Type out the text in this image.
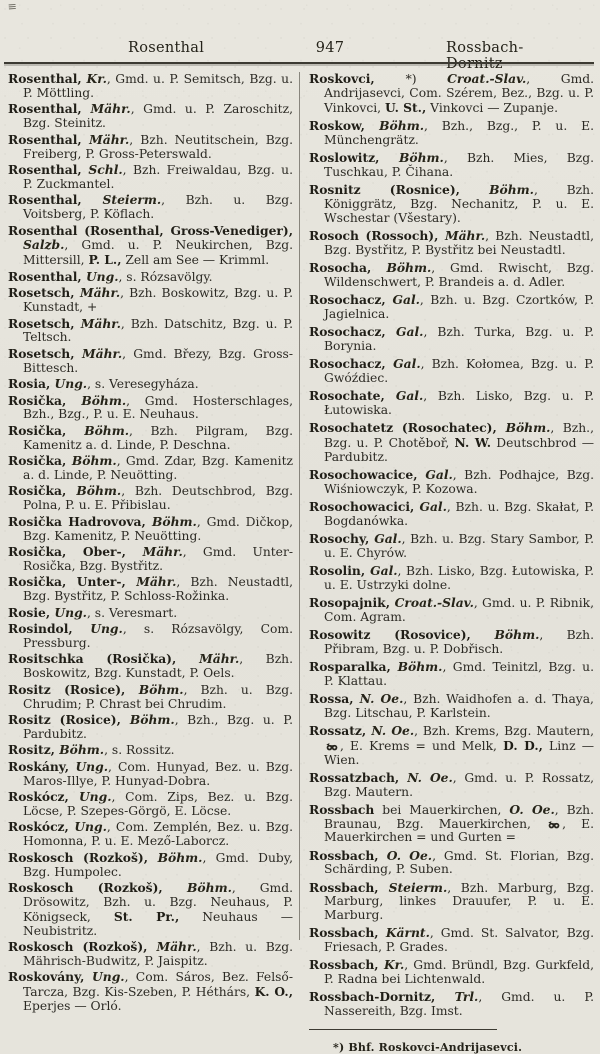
≡
Rosenthal	947	Rossbach-Dornitz

Rosenthal, Kr., Gmd. u. P. Semitsch, Bzg. u. P. Möttling.

Rosenthal, Mähr., Gmd. u. P. Zaroschitz, Bzg. Steinitz.

Rosenthal, Mähr., Bzh. Neutitschein, Bzg. Freiberg, P. Gross-Peterswald.

Rosenthal, Schl., Bzh. Freiwaldau, Bzg. u. P. Zuckmantel.

Rosenthal, Steierm., Bzh. u. Bzg. Voitsberg, P. Köflach.

Rosenthal (Rosenthal, Gross-Venediger), Salzb., Gmd. u. P. Neukirchen, Bzg. Mittersill, P. L., Zell am See — Krimml.

Rosenthal, Ung., s. Rózsavölgy.

Rosetsch, Mähr., Bzh. Boskowitz, Bzg. u. P. Kunstadt, +

Rosetsch, Mähr., Bzh. Datschitz, Bzg. u. P. Teltsch.

Rosetsch, Mähr., Gmd. Březy, Bzg. Gross-Bittesch.

Rosia, Ung., s. Veresegyháza.

Rosička, Böhm., Gmd. Hosterschlages, Bzh., Bzg., P. u. E. Neuhaus.

Rosička, Böhm., Bzh. Pilgram, Bzg. Kamenitz a. d. Linde, P. Deschna.

Rosička, Böhm., Gmd. Zdar, Bzg. Kamenitz a. d. Linde, P. Neuötting.

Rosička, Böhm., Bzh. Deutschbrod, Bzg. Polna, P. u. E. Přibislau.

Rosička Hadrovova, Böhm., Gmd. Dičkop, Bzg. Kamenitz, P. Neuötting.

Rosička, Ober-, Mähr., Gmd. Unter-Rosička, Bzg. Bystřitz.

Rosička, Unter-, Mähr., Bzh. Neustadtl, Bzg. Bystřitz, P. Schloss-Rožinka.

Rosie, Ung., s. Veresmart.

Rosindol, Ung., s. Rózsavölgy, Com. Pressburg.

Rositschka (Rosička), Mähr., Bzh. Boskowitz, Bzg. Kunstadt, P. Oels.

Rositz (Rosice), Böhm., Bzh. u. Bzg. Chrudim; P. Chrast bei Chrudim.

Rositz (Rosice), Böhm., Bzh., Bzg. u. P. Pardubitz.

Rositz, Böhm., s. Rossitz.

Roskány, Ung., Com. Hunyad, Bez. u. Bzg. Maros-Illye, P. Hunyad-Dobra.

Roskócz, Ung., Com. Zips, Bez. u. Bzg. Löcse, P. Szepes-Görgö, E. Löcse.

Roskócz, Ung., Com. Zemplén, Bez. u. Bzg. Homonna, P. u. E. Mező-Laborcz.

Roskosch (Rozkoš), Böhm., Gmd. Duby, Bzg. Humpolec.

Roskosch (Rozkoš), Böhm., Gmd. Drösowitz, Bzh. u. Bzg. Neuhaus, P. Königseck, St. Pr., Neuhaus — Neubistritz.

Roskosch (Rozkoš), Mähr., Bzh. u. Bzg. Mährisch-Budwitz, P. Jaispitz.

Roskovány, Ung., Com. Sáros, Bez. Felső-Tarcza, Bzg. Kis-Szeben, P. Héthárs, K. O., Eperjes — Orló.

Roskovci, *) Croat.-Slav., Gmd. Andrijasevci, Com. Szérem, Bez., Bzg. u. P. Vinkovci, U. St., Vinkovci — Zupanje.

Roskow, Böhm., Bzh., Bzg., P. u. E. Münchengrätz.

Roslowitz, Böhm., Bzh. Mies, Bzg. Tuschkau, P. Čihana.

Rosnitz (Rosnice), Böhm., Bzh. Königgrätz, Bzg. Nechanitz, P. u. E. Wschestar (Všestary).

Rosoch (Rossoch), Mähr., Bzh. Neustadtl, Bzg. Bystřitz, P. Bystřitz bei Neustadtl.

Rosocha, Böhm., Gmd. Rwischt, Bzg. Wildenschwert, P. Brandeis a. d. Adler.

Rosochacz, Gal., Bzh. u. Bzg. Czortków, P. Jagielnica.

Rosochacz, Gal., Bzh. Turka, Bzg. u. P. Borynia.

Rosochacz, Gal., Bzh. Kołomea, Bzg. u. P. Gwóźdiec.

Rosochate, Gal., Bzh. Lisko, Bzg. u. P. Łutowiska.

Rosochatetz (Rosochatec), Böhm., Bzh., Bzg. u. P. Chotěboř, N. W. Deutschbrod — Pardubitz.

Rosochowacice, Gal., Bzh. Podhajce, Bzg. Wiśniowczyk, P. Kozowa.

Rosochowacici, Gal., Bzh. u. Bzg. Skałat, P. Bogdanówka.

Rosochy, Gal., Bzh. u. Bzg. Stary Sambor, P. u. E. Chyrów.

Rosolin, Gal., Bzh. Lisko, Bzg. Łutowiska, P. u. E. Ustrzyki dolne.

Rosopajnik, Croat.-Slav., Gmd. u. P. Ribnik, Com. Agram.

Rosowitz (Rosovice), Böhm., Bzh. Přibram, Bzg. u. P. Dobřisch.

Rosparalka, Böhm., Gmd. Teinitzl, Bzg. u. P. Klattau.

Rossa, N. Oe., Bzh. Waidhofen a. d. Thaya, Bzg. Litschau, P. Karlstein.

Rossatz, N. Oe., Bzh. Krems, Bzg. Mautern, , E. Krems = und Melk, D. D., Linz — Wien.

Rossatzbach, N. Oe., Gmd. u. P. Rossatz, Bzg. Mautern.

Rossbach bei Mauerkirchen, O. Oe., Bzh. Braunau, Bzg. Mauerkirchen, , E. Mauerkirchen = und Gurten =

Rossbach, O. Oe., Gmd. St. Florian, Bzg. Schärding, P. Suben.

Rossbach, Steierm., Bzh. Marburg, Bzg. Marburg, linkes Drauufer, P. u. E. Marburg.

Rossbach, Kärnt., Gmd. St. Salvator, Bzg. Friesach, P. Grades.

Rossbach, Kr., Gmd. Bründl, Bzg. Gurkfeld, P. Radna bei Lichtenwald.

Rossbach-Dornitz, Trl., Gmd. u. P. Nassereith, Bzg. Imst.

*) Bhf. Roskovci-Andrijasevci.
